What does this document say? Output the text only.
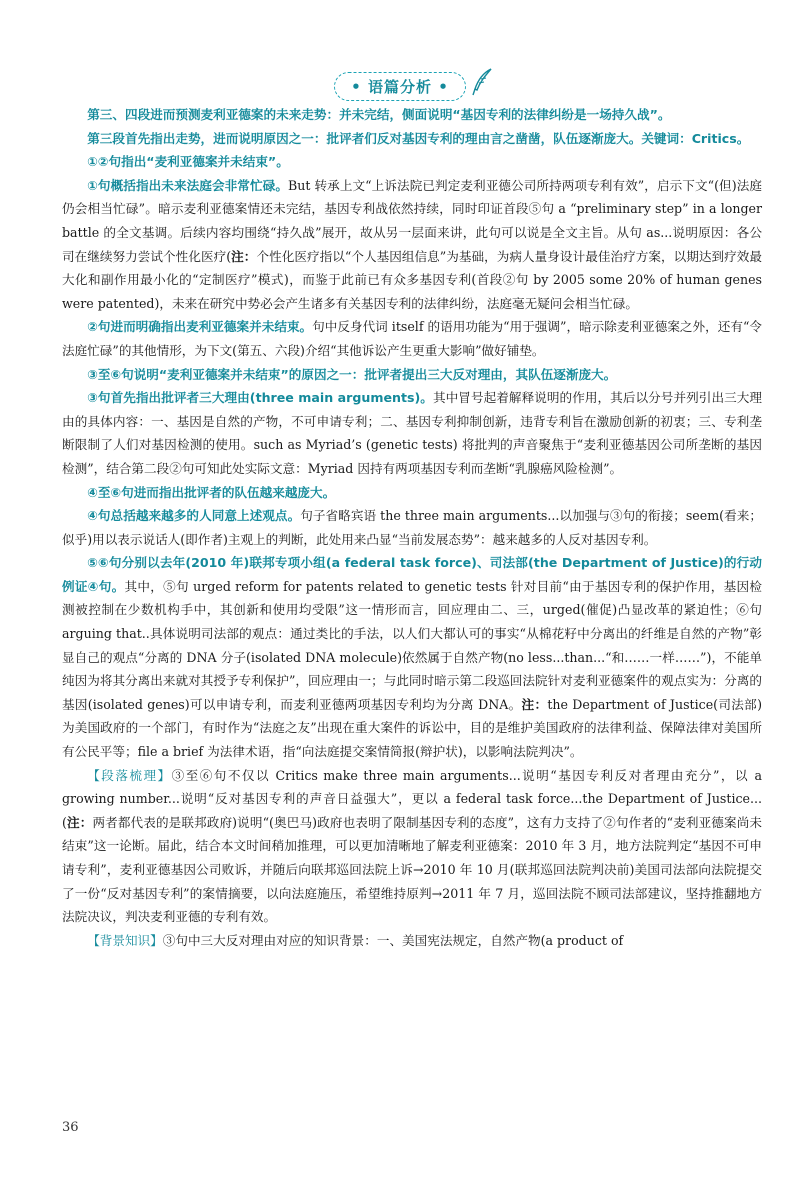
• 语篇分析 •

第三、四段进而预测麦利亚德案的未来走势：并未完结，侧面说明“基因专利的法律纠纷是一场持久战”。

第三段首先指出走势，进而说明原因之一：批评者们反对基因专利的理由言之凿凿，队伍逐渐庞大。关键词：Critics。

①②句指出“麦利亚德案并未结束”。

①句概括指出未来法庭会非常忙碌。But 转承上文“上诉法院已判定麦利亚德公司所持两项专利有效”，启示下文“(但)法庭仍会相当忙碌”。暗示麦利亚德案情还未完结，基因专利战依然持续，同时印证首段⑤句 a “preliminary step” in a longer battle 的全文基调。后续内容均围绕“持久战”展开，故从另一层面来讲，此句可以说是全文主旨。从句 as...说明原因：各公司在继续努力尝试个性化医疗(注：个性化医疗指以“个人基因组信息”为基础，为病人量身设计最佳治疗方案，以期达到疗效最大化和副作用最小化的“定制医疗”模式)，而鉴于此前已有众多基因专利(首段②句 by 2005 some 20% of human genes were patented)，未来在研究中势必会产生诸多有关基因专利的法律纠纷，法庭毫无疑问会相当忙碌。

②句进而明确指出麦利亚德案并未结束。句中反身代词 itself 的语用功能为“用于强调”，暗示除麦利亚德案之外，还有“令法庭忙碌”的其他情形，为下文(第五、六段)介绍“其他诉讼产生更重大影响”做好铺垫。

③至⑥句说明“麦利亚德案并未结束”的原因之一：批评者提出三大反对理由，其队伍逐渐庞大。

③句首先指出批评者三大理由(three main arguments)。其中冒号起着解释说明的作用，其后以分号并列引出三大理由的具体内容：一、基因是自然的产物，不可申请专利；二、基因专利抑制创新，违背专利旨在激励创新的初衷；三、专利垄断限制了人们对基因检测的使用。such as Myriad’s (genetic tests) 将批判的声音聚焦于“麦利亚德基因公司所垄断的基因检测”，结合第二段②句可知此处实际文意：Myriad 因持有两项基因专利而垄断“乳腺癌风险检测”。

④至⑥句进而指出批评者的队伍越来越庞大。

④句总括越来越多的人同意上述观点。句子省略宾语 the three main arguments...以加强与③句的衔接；seem(看来；似乎)用以表示说话人(即作者)主观上的判断，此处用来凸显“当前发展态势”：越来越多的人反对基因专利。

⑤⑥句分别以去年(2010 年)联邦专项小组(a federal task force)、司法部(the Department of Justice)的行动例证④句。其中，⑤句 urged reform for patents related to genetic tests 针对目前“由于基因专利的保护作用，基因检测被控制在少数机构手中，其创新和使用均受限”这一情形而言，回应理由二、三，urged(催促)凸显改革的紧迫性；⑥句 arguing that..具体说明司法部的观点：通过类比的手法，以人们大都认可的事实“从棉花籽中分离出的纤维是自然的产物”彰显自己的观点“分离的 DNA 分子(isolated DNA molecule)依然属于自然产物(no less...than...“和……一样……”)，不能单纯因为将其分离出来就对其授予专利保护”，回应理由一；与此同时暗示第二段巡回法院针对麦利亚德案件的观点实为：分离的基因(isolated genes)可以申请专利，而麦利亚德两项基因专利均为分离 DNA。注：the Department of Justice(司法部)为美国政府的一个部门，有时作为“法庭之友”出现在重大案件的诉讼中，目的是维护美国政府的法律利益、保障法律对美国所有公民平等；file a brief 为法律术语，指“向法庭提交案情简报(辩护状)，以影响法院判决”。

【段落梳理】③至⑥句不仅以 Critics make three main arguments...说明“基因专利反对者理由充分”，以 a growing number...说明“反对基因专利的声音日益强大”，更以 a federal task force...the Department of Justice...(注：两者都代表的是联邦政府)说明“(奥巴马)政府也表明了限制基因专利的态度”，这有力支持了②句作者的“麦利亚德案尚未结束”这一论断。届此，结合本文时间稍加推理，可以更加清晰地了解麦利亚德案：2010 年 3 月，地方法院判定“基因不可申请专利”，麦利亚德基因公司败诉，并随后向联邦巡回法院上诉→2010 年 10 月(联邦巡回法院判决前)美国司法部向法院提交了一份“反对基因专利”的案情摘要，以向法庭施压，希望维持原判→2011 年 7 月，巡回法院不顾司法部建议，坚持推翻地方法院决议，判决麦利亚德的专利有效。

【背景知识】③句中三大反对理由对应的知识背景：一、美国宪法规定，自然产物(a product of

36
